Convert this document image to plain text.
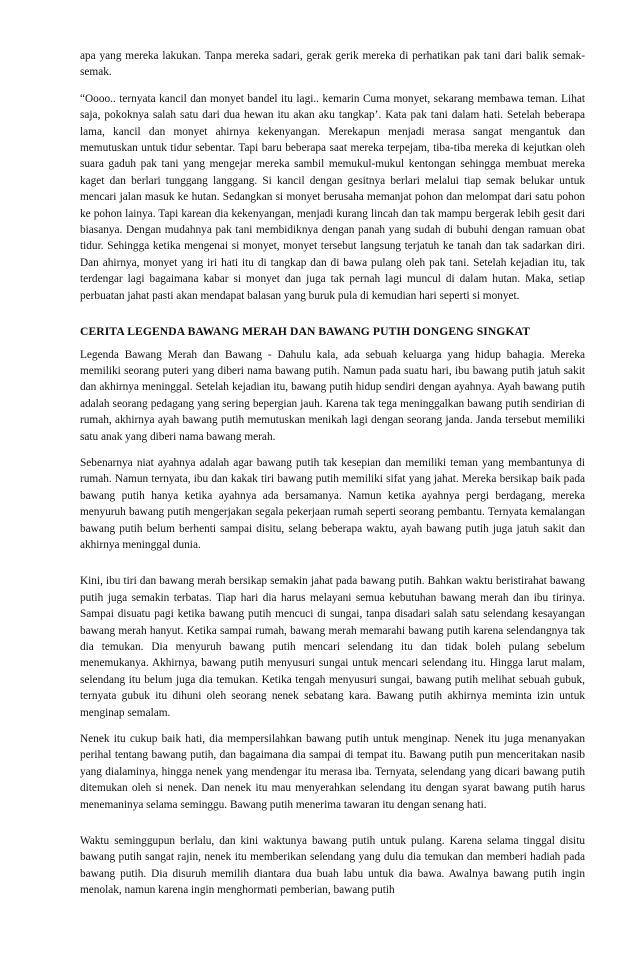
apa yang mereka lakukan. Tanpa mereka sadari, gerak gerik mereka di perhatikan pak tani dari balik semak-semak.

“Oooo.. ternyata kancil dan monyet bandel itu lagi.. kemarin Cuma monyet, sekarang membawa teman. Lihat saja, pokoknya salah satu dari dua hewan itu akan aku tangkap’. Kata pak tani dalam hati. Setelah beberapa lama, kancil dan monyet ahirnya kekenyangan. Merekapun menjadi merasa sangat mengantuk dan memutuskan untuk tidur sebentar. Tapi baru beberapa saat mereka terpejam, tiba-tiba mereka di kejutkan oleh suara gaduh pak tani yang mengejar mereka sambil memukul-mukul kentongan sehingga membuat mereka kaget dan berlari tunggang langgang. Si kancil dengan gesitnya berlari melalui tiap semak belukar untuk mencari jalan masuk ke hutan. Sedangkan si monyet berusaha memanjat pohon dan melompat dari satu pohon ke pohon lainya. Tapi karean dia kekenyangan, menjadi kurang lincah dan tak mampu bergerak lebih gesit dari biasanya. Dengan mudahnya pak tani membidiknya dengan panah yang sudah di bubuhi dengan ramuan obat tidur. Sehingga ketika mengenai si monyet, monyet tersebut langsung terjatuh ke tanah dan tak sadarkan diri. Dan ahirnya, monyet yang iri hati itu di tangkap dan di bawa pulang oleh pak tani. Setelah kejadian itu, tak terdengar lagi bagaimana kabar si monyet dan juga tak pernah lagi muncul di dalam hutan. Maka, setiap perbuatan jahat pasti akan mendapat balasan yang buruk pula di kemudian hari seperti si monyet.

CERITA LEGENDA BAWANG MERAH DAN BAWANG PUTIH DONGENG SINGKAT

Legenda Bawang Merah dan Bawang - Dahulu kala, ada sebuah keluarga yang hidup bahagia. Mereka memiliki seorang puteri yang diberi nama bawang putih. Namun pada suatu hari, ibu bawang putih jatuh sakit dan akhirnya meninggal. Setelah kejadian itu, bawang putih hidup sendiri dengan ayahnya. Ayah bawang putih adalah seorang pedagang yang sering bepergian jauh. Karena tak tega meninggalkan bawang putih sendirian di rumah, akhirnya ayah bawang putih memutuskan menikah lagi dengan seorang janda. Janda tersebut memiliki satu anak yang diberi nama bawang merah.

Sebenarnya niat ayahnya adalah agar bawang putih tak kesepian dan memiliki teman yang membantunya di rumah. Namun ternyata, ibu dan kakak tiri bawang putih memiliki sifat yang jahat. Mereka bersikap baik pada bawang putih hanya ketika ayahnya ada bersamanya. Namun ketika ayahnya pergi berdagang, mereka menyuruh bawang putih mengerjakan segala pekerjaan rumah seperti seorang pembantu. Ternyata kemalangan bawang putih belum berhenti sampai disitu, selang beberapa waktu, ayah bawang putih juga jatuh sakit dan akhirnya meninggal dunia.

Kini, ibu tiri dan bawang merah bersikap semakin jahat pada bawang putih. Bahkan waktu beristirahat bawang putih juga semakin terbatas. Tiap hari dia harus melayani semua kebutuhan bawang merah dan ibu tirinya. Sampai disuatu pagi ketika bawang putih mencuci di sungai, tanpa disadari salah satu selendang kesayangan bawang merah hanyut. Ketika sampai rumah, bawang merah memarahi bawang putih karena selendangnya tak dia temukan. Dia menyuruh bawang putih mencari selendang itu dan tidak boleh pulang sebelum menemukanya. Akhirnya, bawang putih menyusuri sungai untuk mencari selendang itu. Hingga larut malam, selendang itu belum juga dia temukan. Ketika tengah menyusuri sungai, bawang putih melihat sebuah gubuk, ternyata gubuk itu dihuni oleh seorang nenek sebatang kara. Bawang putih akhirnya meminta izin untuk menginap semalam.

Nenek itu cukup baik hati, dia mempersilahkan bawang putih untuk menginap. Nenek itu juga menanyakan perihal tentang bawang putih, dan bagaimana dia sampai di tempat itu. Bawang putih pun menceritakan nasib yang dialaminya, hingga nenek yang mendengar itu merasa iba. Ternyata, selendang yang dicari bawang putih ditemukan oleh si nenek. Dan nenek itu mau menyerahkan selendang itu dengan syarat bawang putih harus menemaninya selama seminggu. Bawang putih menerima tawaran itu dengan senang hati.

Waktu seminggupun berlalu, dan kini waktunya bawang putih untuk pulang. Karena selama tinggal disitu bawang putih sangat rajin, nenek itu memberikan selendang yang dulu dia temukan dan memberi hadiah pada bawang putih. Dia disuruh memilih diantara dua buah labu untuk dia bawa. Awalnya bawang putih ingin menolak, namun karena ingin menghormati pemberian, bawang putih
